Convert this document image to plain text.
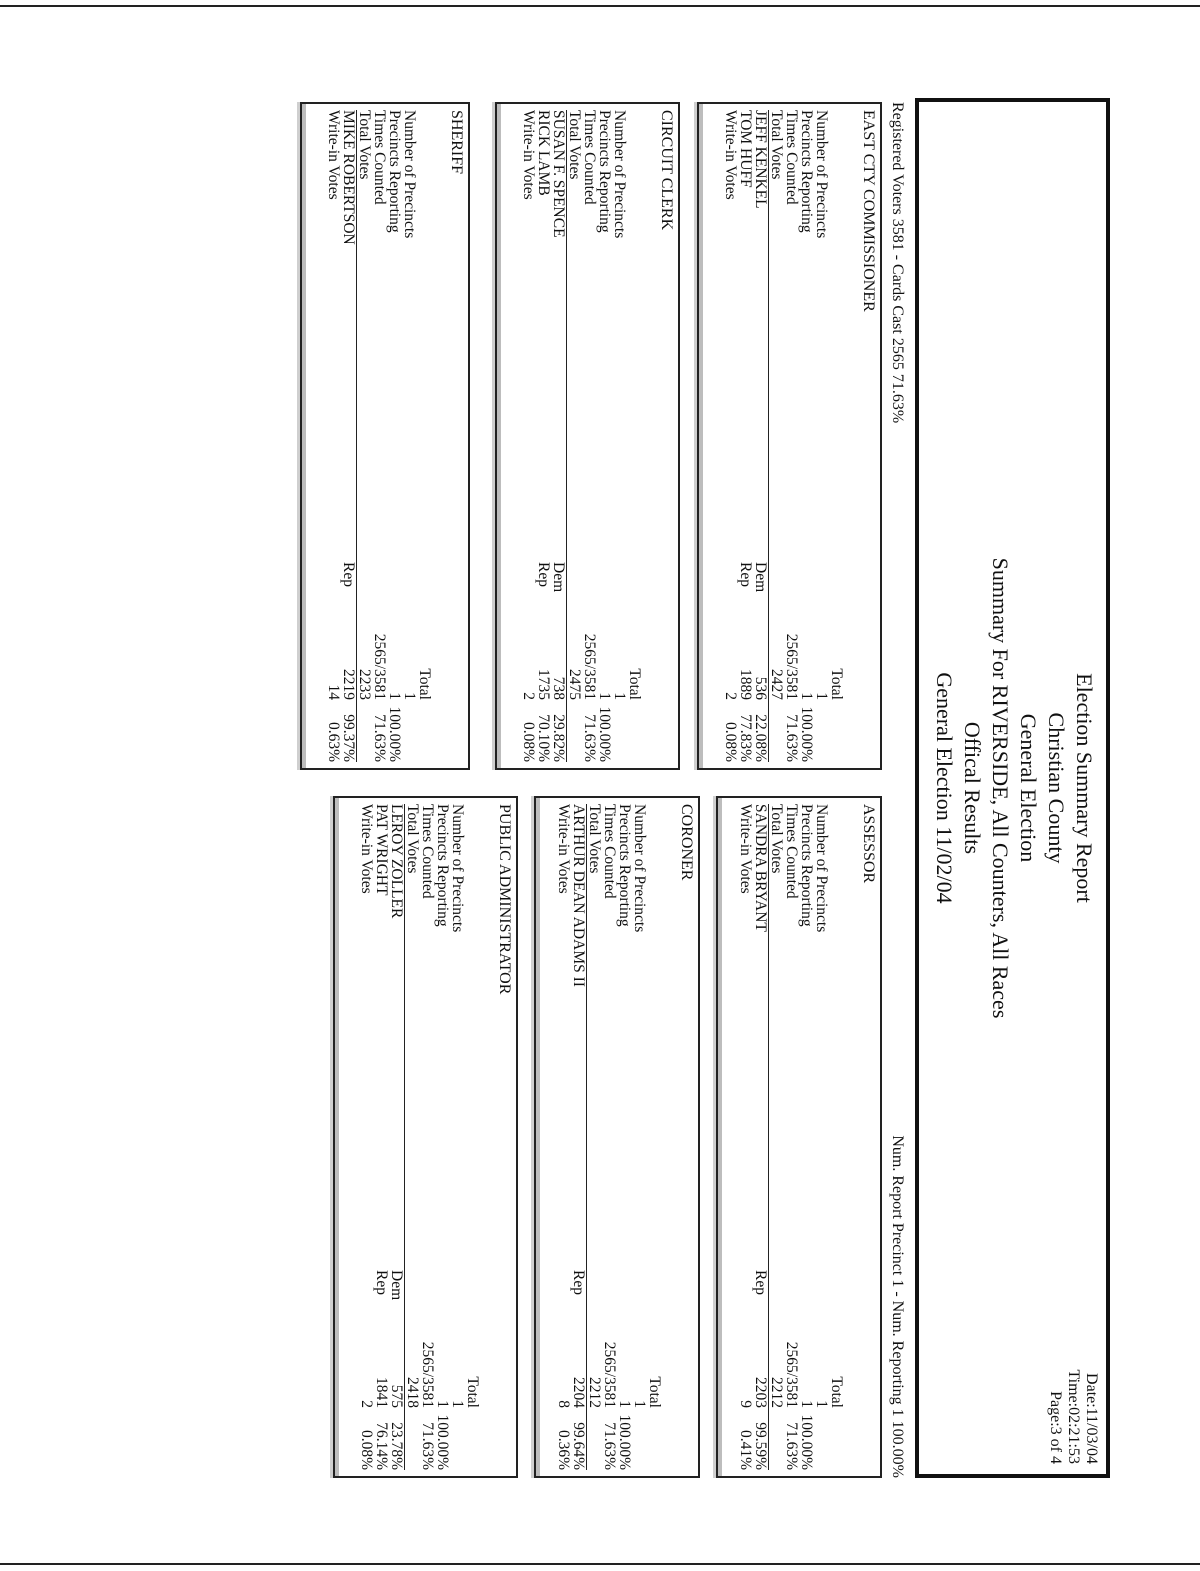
Election Summary Report
Christian County
General Election
Summary For RIVERSIDE, All Counters, All Races
Offical Results
General Election 11/02/04
Date:11/03/04
Time:02:21:53
Page:3 of 4
Registered Voters 3581 - Cards Cast 2565 71.63%
Num. Report Precinct 1 - Num. Reporting 1 100.00%
EAST CTY COMMISSIONER
		Total	
Number of Precincts		1	
Precincts Reporting		1	100.00%
Times Counted		2565/3581	71.63%
Total Votes		2427	
JEFF KENKEL	Dem	536	22.08%
TOM HUFF	Rep	1889	77.83%
Write-in Votes		2	0.08%
ASSESSOR
		Total	
Number of Precincts		1	
Precincts Reporting		1	100.00%
Times Counted		2565/3581	71.63%
Total Votes		2212	
SANDRA BRYANT	Rep	2203	99.59%
Write-in Votes		9	0.41%
CIRCUIT CLERK
		Total	
Number of Precincts		1	
Precincts Reporting		1	100.00%
Times Counted		2565/3581	71.63%
Total Votes		2475	
SUSAN F. SPENCE	Dem	738	29.82%
RICK LAMB	Rep	1735	70.10%
Write-in Votes		2	0.08%
CORONER
		Total	
Number of Precincts		1	
Precincts Reporting		1	100.00%
Times Counted		2565/3581	71.63%
Total Votes		2212	
ARTHUR DEAN ADAMS II	Rep	2204	99.64%
Write-in Votes		8	0.36%
SHERIFF
		Total	
Number of Precincts		1	
Precincts Reporting		1	100.00%
Times Counted		2565/3581	71.63%
Total Votes		2233	
MIKE ROBERTSON	Rep	2219	99.37%
Write-in Votes		14	0.63%
PUBLIC ADMINISTRATOR
		Total	
Number of Precincts		1	
Precincts Reporting		1	100.00%
Times Counted		2565/3581	71.63%
Total Votes		2418	
LEROY ZOLLER	Dem	575	23.78%
PAT WRIGHT	Rep	1841	76.14%
Write-in Votes		2	0.08%
